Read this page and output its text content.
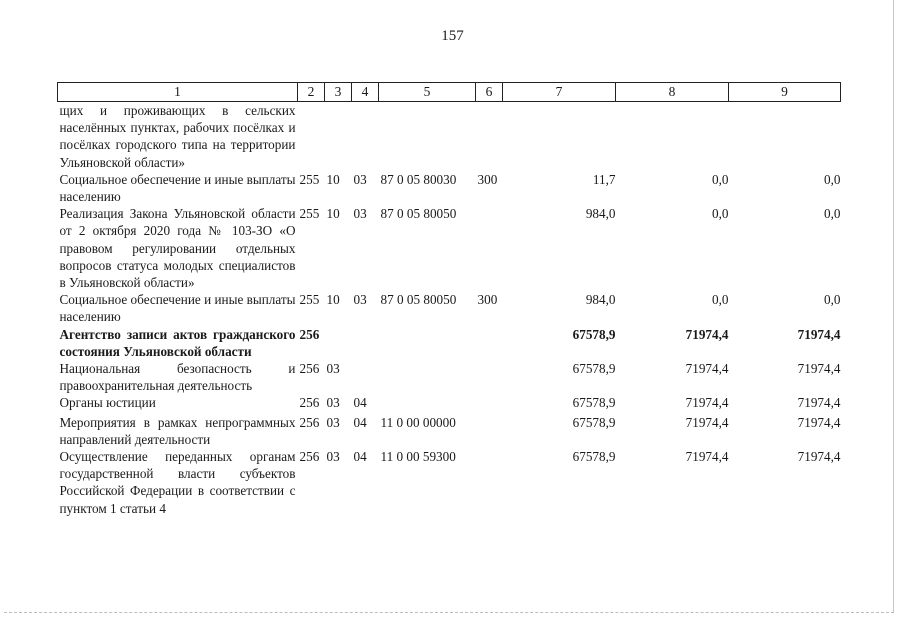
157
1	2	3	4	5	6	7	8	9
щих и проживающих в сельских населённых пунктах, рабочих посёлках и посёлках городского типа на территории Ульяновской области»								
Социальное обеспечение и иные выплаты населению	255	10	03	87 0 05 80030	300	11,7	0,0	0,0
Реализация Закона Ульяновской области от 2 октября 2020 года № 103-ЗО «О правовом регулировании отдельных вопросов статуса молодых специалистов в Ульяновской области»	255	10	03	87 0 05 80050		984,0	0,0	0,0
Социальное обеспечение и иные выплаты населению	255	10	03	87 0 05 80050	300	984,0	0,0	0,0
Агентство записи актов гражданского состояния Ульяновской области	256					67578,9	71974,4	71974,4
Национальная безопасность и правоохранительная деятельность	256	03				67578,9	71974,4	71974,4
Органы юстиции	256	03	04			67578,9	71974,4	71974,4
Мероприятия в рамках непрограммных направлений деятельности	256	03	04	11 0 00 00000		67578,9	71974,4	71974,4
Осуществление переданных органам государственной власти субъектов Российской Федерации в соответствии с пунктом 1 статьи 4	256	03	04	11 0 00 59300		67578,9	71974,4	71974,4
